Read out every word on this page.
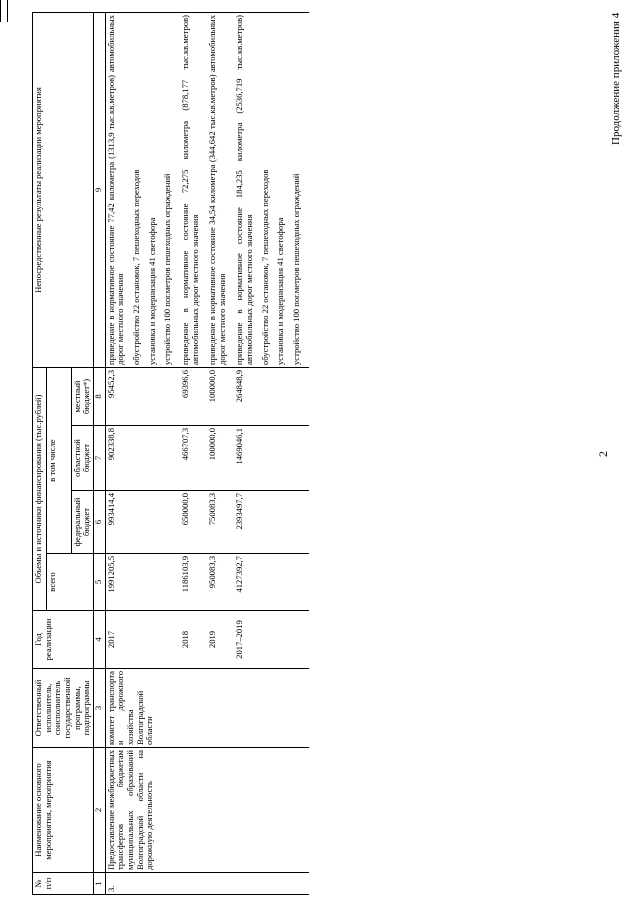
2
Продолжение приложения 4
№ п/п	Наименование основного мероприятия, мероприятия	Ответственный исполнитель, соисполнитель государственной программы, подпрограммы	Год реализации	Объемы и источники финансирования (тыс.рублей)				Непосредственные результаты реализации мероприятия
				всего	в том числе			
					федеральный бюджет	областной бюджет	местный бюджет*)	
1	2	3	4	5	6	7	8	9
3.	Предоставление межбюджетных трансфертов бюджетам муниципальных образований Волгоградской области на дорожную деятельность	комитет транспорта и дорожного хозяйства Волгоградской области	2017	1991205,5	993414,4	902338,8	95452,3	приведение в нормативное состояние 77,42 километра (1313,9 тыс.кв.метров) автомобильных дорог местного значения обустройство 22 остановок, 7 пешеходных переходов установка и модернизация 41 светофора устройство 100 пог.метров пешеходных ограждений

			2018	1186103,9	650000,0	466707,3	69396,6	приведение в нормативное состояние 72,275 километра (878,177 тыс.кв.метров) автомобильных дорог местного значения

			2019	950083,3	750083,3	100000,0	100000,0	приведение в нормативное состояние 34,54 километра (344,642 тыс.кв.метров) автомобильных дорог местного значения

			2017–2019	4127392,7	2393497,7	1469046,1	264848,9	приведение в нормативное состояние 184,235 километра (2536,719 тыс.кв.метров) автомобильных дорог местного значения обустройство 22 остановок, 7 пешеходных переходов установка и модернизация 41 светофора устройство 100 пог.метров пешеходных ограждений
